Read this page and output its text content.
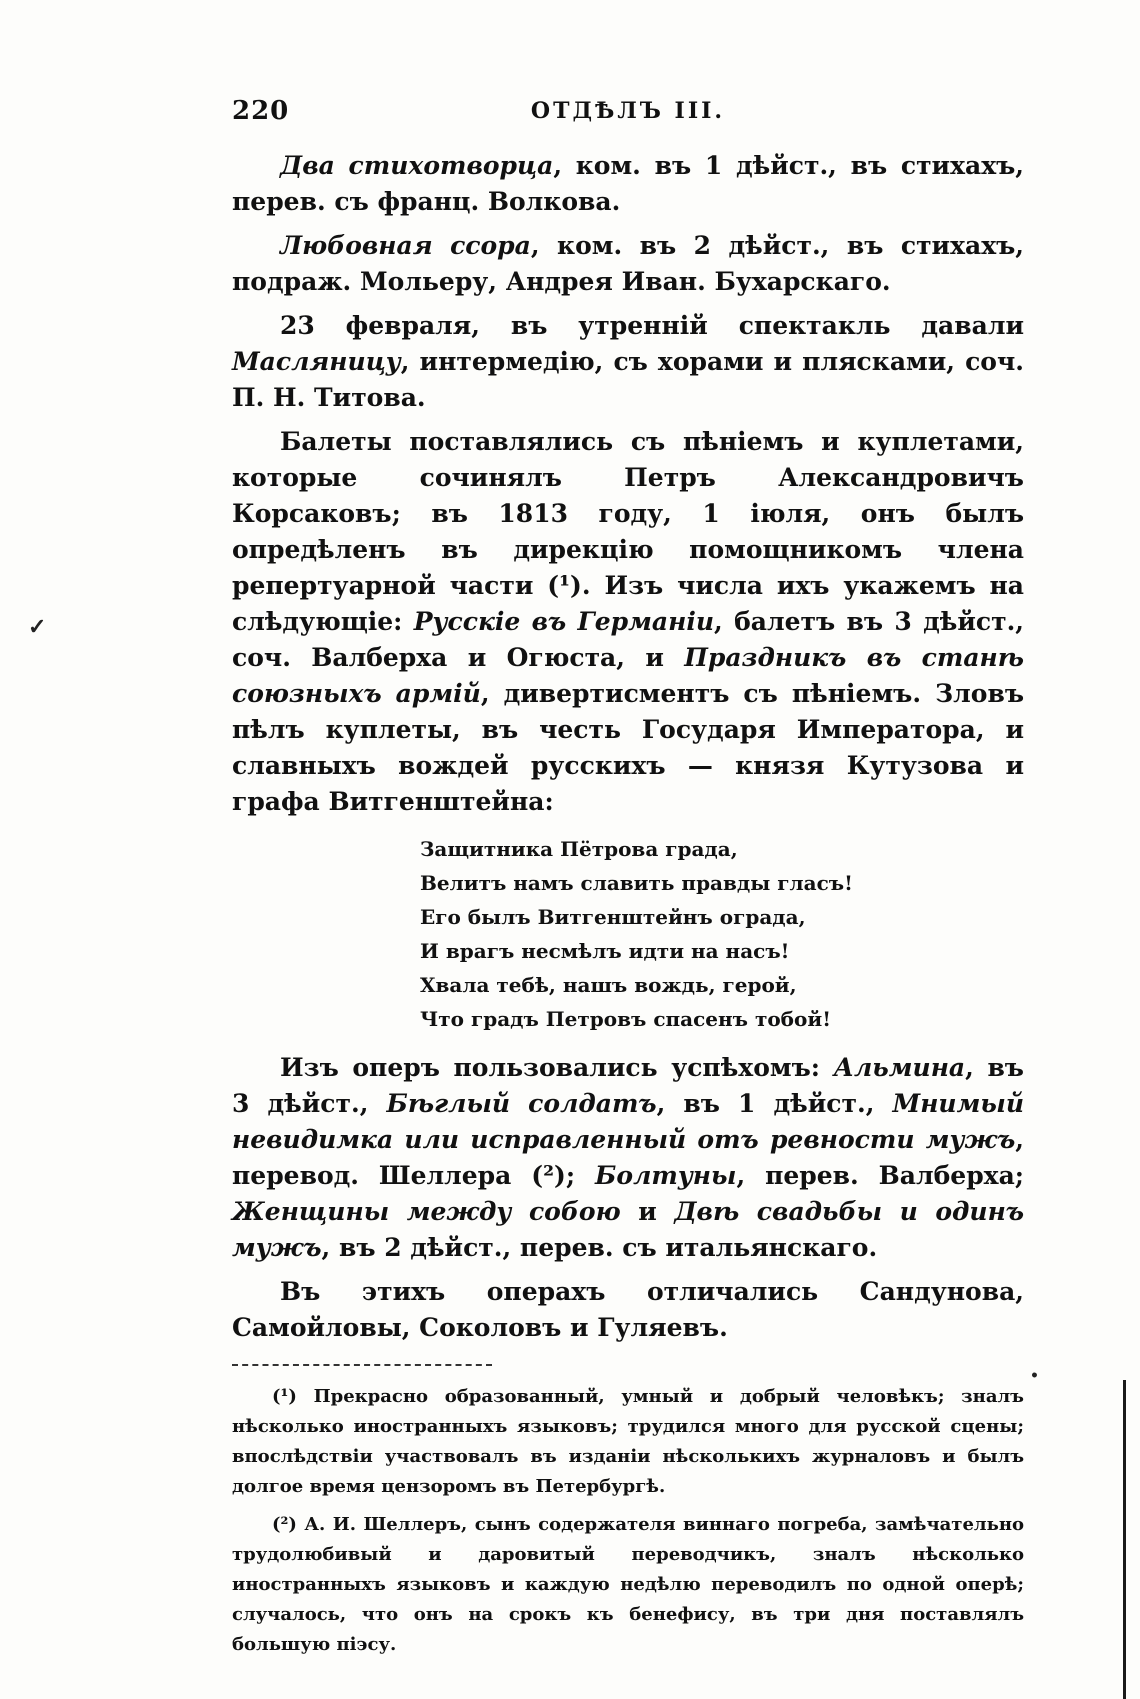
220	ОТДѢЛЪ III.

Два стихотворца, ком. въ 1 дѣйст., въ стихахъ, перев. съ франц. Волкова.

Любовная ссора, ком. въ 2 дѣйст., въ стихахъ, подраж. Мольеру, Андрея Иван. Бухарскаго.

23 февраля, въ утренній спектакль давали Масляницу, интермедію, съ хорами и плясками, соч. П. Н. Титова.

Балеты поставлялись съ пѣніемъ и куплетами, которые сочинялъ Петръ Александровичъ Корсаковъ; въ 1813 году, 1 іюля, онъ былъ опредѣленъ въ дирекцію помощникомъ члена репертуарной части (¹). Изъ числа ихъ укажемъ на слѣдующіе: Русскіе въ Германіи, балетъ въ 3 дѣйст., соч. Валберха и Огюста, и Праздникъ въ станѣ союзныхъ армій, дивертисментъ съ пѣніемъ. Зловъ пѣлъ куплеты, въ честь Государя Императора, и славныхъ вождей русскихъ — князя Кутузова и графа Витгенштейна:

Защитника Пётрова града,
Велитъ намъ славить правды гласъ!
Его былъ Витгенштейнъ ограда,
И врагъ несмѣлъ идти на насъ!
Хвала тебѣ, нашъ вождь, герой,
Что градъ Петровъ спасенъ тобой!

Изъ оперъ пользовались успѣхомъ: Альмина, въ 3 дѣйст., Бѣглый солдатъ, въ 1 дѣйст., Мнимый невидимка или исправленный отъ ревности мужъ, перевод. Шеллера (²); Болтуны, перев. Валберха; Женщины между собою и Двѣ свадьбы и одинъ мужъ, въ 2 дѣйст., перев. съ итальянскаго.

Въ этихъ операхъ отличались Сандунова, Самойловы, Соколовъ и Гуляевъ.

(¹) Прекрасно образованный, умный и добрый человѣкъ; зналъ нѣсколько иностранныхъ языковъ; трудился много для русской сцены; впослѣдствіи участвовалъ въ изданіи нѣсколькихъ журналовъ и былъ долгое время цензоромъ въ Петербургѣ.

(²) А. И. Шеллеръ, сынъ содержателя виннаго погреба, замѣчательно трудолюбивый и даровитый переводчикъ, зналъ нѣсколько иностранныхъ языковъ и каждую недѣлю переводилъ по одной оперѣ; случалось, что онъ на срокъ къ бенефису, въ три дня поставлялъ большую піэсу.

✓
•
